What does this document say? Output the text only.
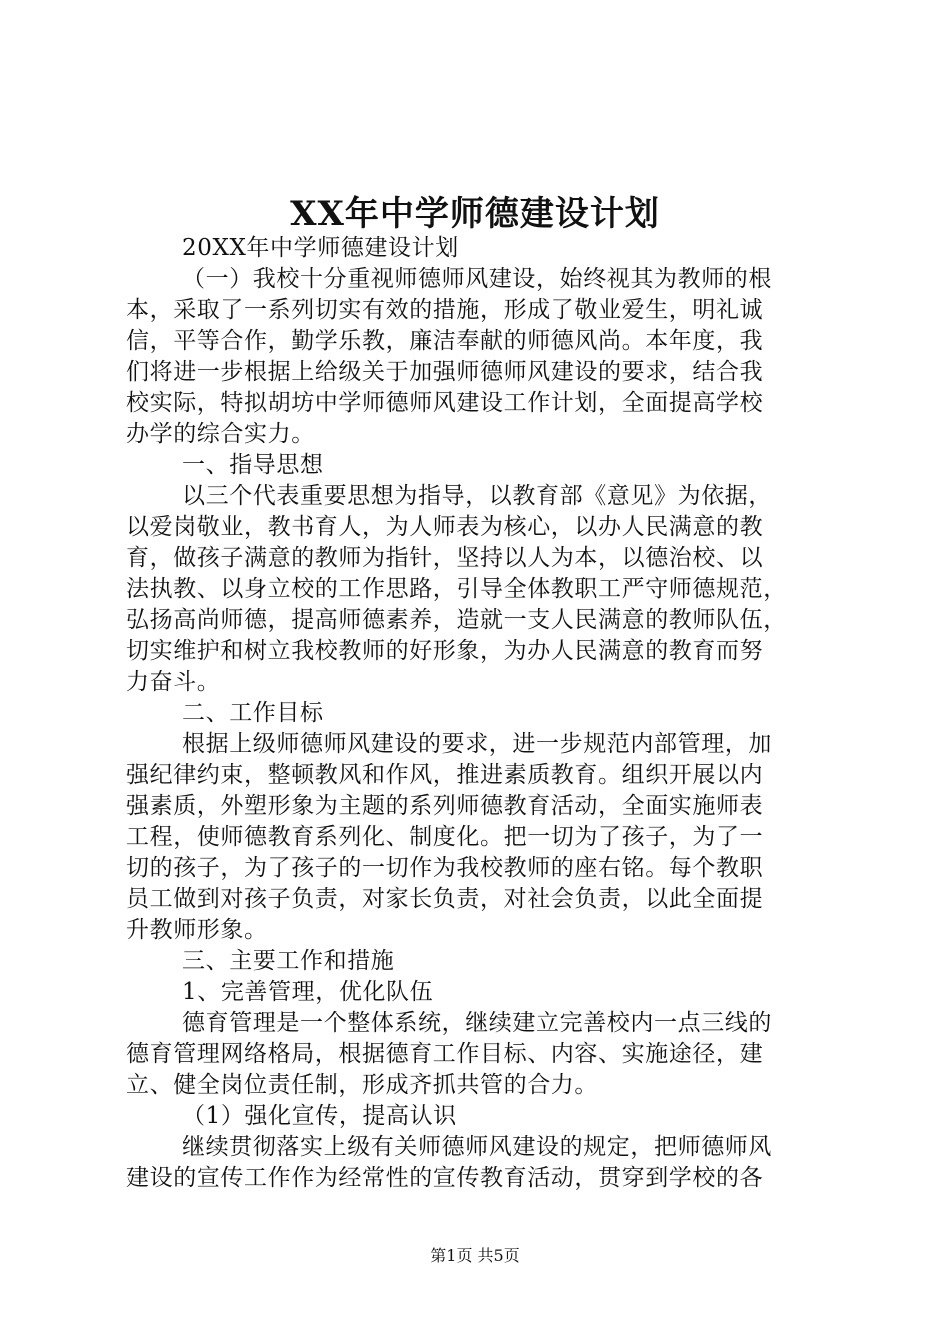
XX年中学师德建设计划
20XX年中学师德建设计划
（一）我校十分重视师德师风建设，始终视其为教师的根
本，采取了一系列切实有效的措施，形成了敬业爱生，明礼诚
信，平等合作，勤学乐教，廉洁奉献的师德风尚。本年度，我
们将进一步根据上给级关于加强师德师风建设的要求，结合我
校实际，特拟胡坊中学师德师风建设工作计划，全面提高学校
办学的综合实力。
一、指导思想
以三个代表重要思想为指导，以教育部《意见》为依据，
以爱岗敬业，教书育人，为人师表为核心，以办人民满意的教
育，做孩子满意的教师为指针，坚持以人为本，以德治校、以
法执教、以身立校的工作思路，引导全体教职工严守师德规范，
弘扬高尚师德，提高师德素养，造就一支人民满意的教师队伍，
切实维护和树立我校教师的好形象，为办人民满意的教育而努
力奋斗。
二、工作目标
根据上级师德师风建设的要求，进一步规范内部管理，加
强纪律约束，整顿教风和作风，推进素质教育。组织开展以内
强素质，外塑形象为主题的系列师德教育活动，全面实施师表
工程，使师德教育系列化、制度化。把一切为了孩子，为了一
切的孩子，为了孩子的一切作为我校教师的座右铭。每个教职
员工做到对孩子负责，对家长负责，对社会负责，以此全面提
升教师形象。
三、主要工作和措施
1、完善管理，优化队伍
德育管理是一个整体系统，继续建立完善校内一点三线的
德育管理网络格局，根据德育工作目标、内容、实施途径，建
立、健全岗位责任制，形成齐抓共管的合力。
（1）强化宣传，提高认识
继续贯彻落实上级有关师德师风建设的规定，把师德师风
建设的宣传工作作为经常性的宣传教育活动，贯穿到学校的各
第1页 共5页
